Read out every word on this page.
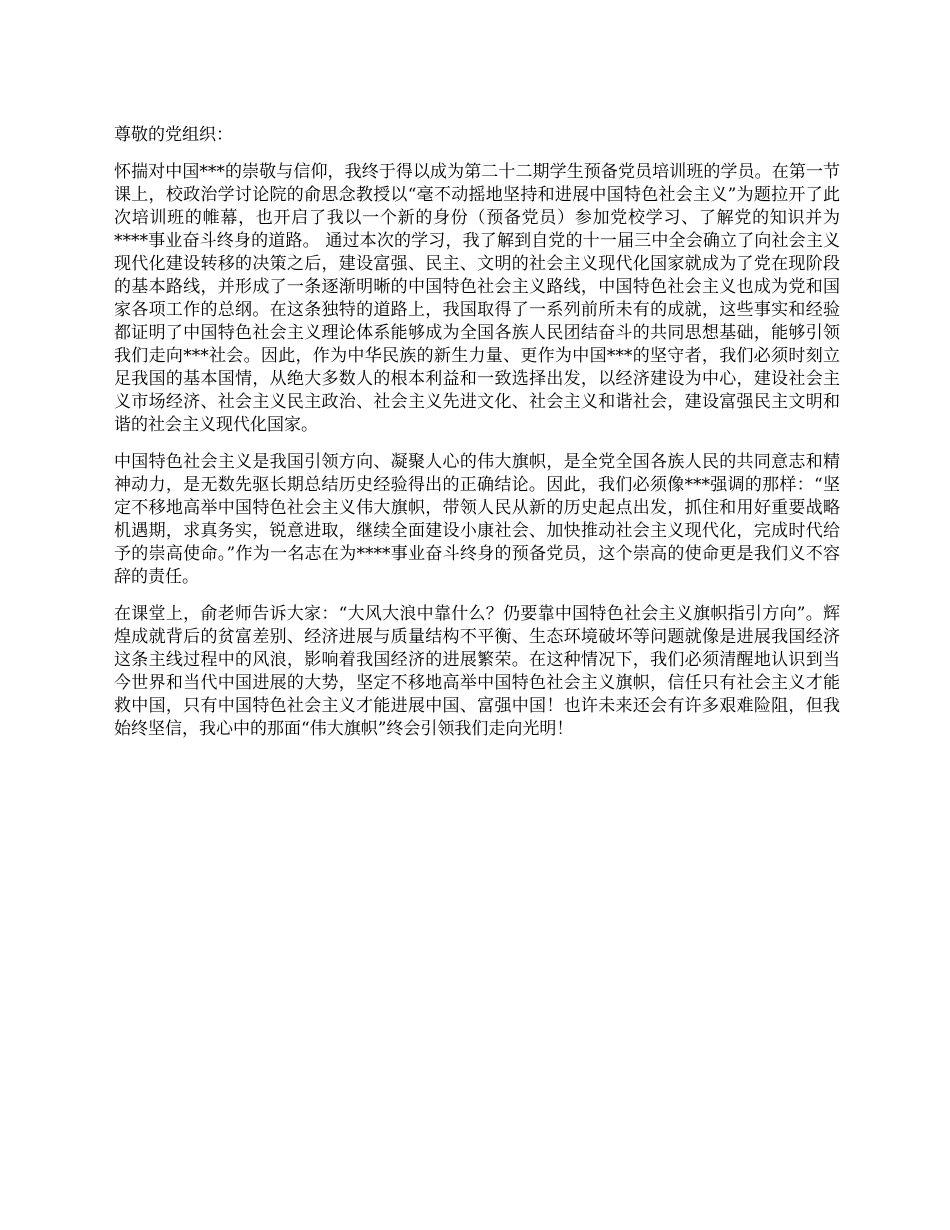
尊敬的党组织：

怀揣对中国***的崇敬与信仰，我终于得以成为第二十二期学生预备党员培训班的学员。在第一节课上，校政治学讨论院的俞思念教授以“毫不动摇地坚持和进展中国特色社会主义”为题拉开了此次培训班的帷幕，也开启了我以一个新的身份（预备党员）参加党校学习、了解党的知识并为****事业奋斗终身的道路。 通过本次的学习，我了解到自党的十一届三中全会确立了向社会主义现代化建设转移的决策之后，建设富强、民主、文明的社会主义现代化国家就成为了党在现阶段的基本路线，并形成了一条逐渐明晰的中国特色社会主义路线，中国特色社会主义也成为党和国家各项工作的总纲。在这条独特的道路上，我国取得了一系列前所未有的成就，这些事实和经验都证明了中国特色社会主义理论体系能够成为全国各族人民团结奋斗的共同思想基础，能够引领我们走向***社会。因此，作为中华民族的新生力量、更作为中国***的坚守者，我们必须时刻立足我国的基本国情，从绝大多数人的根本利益和一致选择出发，以经济建设为中心，建设社会主义市场经济、社会主义民主政治、社会主义先进文化、社会主义和谐社会，建设富强民主文明和谐的社会主义现代化国家。

中国特色社会主义是我国引领方向、凝聚人心的伟大旗帜，是全党全国各族人民的共同意志和精神动力，是无数先驱长期总结历史经验得出的正确结论。因此，我们必须像***强调的那样：“坚定不移地高举中国特色社会主义伟大旗帜，带领人民从新的历史起点出发，抓住和用好重要战略机遇期，求真务实，锐意进取，继续全面建设小康社会、加快推动社会主义现代化，完成时代给予的崇高使命。”作为一名志在为****事业奋斗终身的预备党员，这个崇高的使命更是我们义不容辞的责任。

在课堂上，俞老师告诉大家：“大风大浪中靠什么？仍要靠中国特色社会主义旗帜指引方向”。辉煌成就背后的贫富差别、经济进展与质量结构不平衡、生态环境破坏等问题就像是进展我国经济这条主线过程中的风浪，影响着我国经济的进展繁荣。在这种情况下，我们必须清醒地认识到当今世界和当代中国进展的大势，坚定不移地高举中国特色社会主义旗帜，信任只有社会主义才能救中国，只有中国特色社会主义才能进展中国、富强中国！也许未来还会有许多艰难险阻，但我始终坚信，我心中的那面“伟大旗帜”终会引领我们走向光明！
